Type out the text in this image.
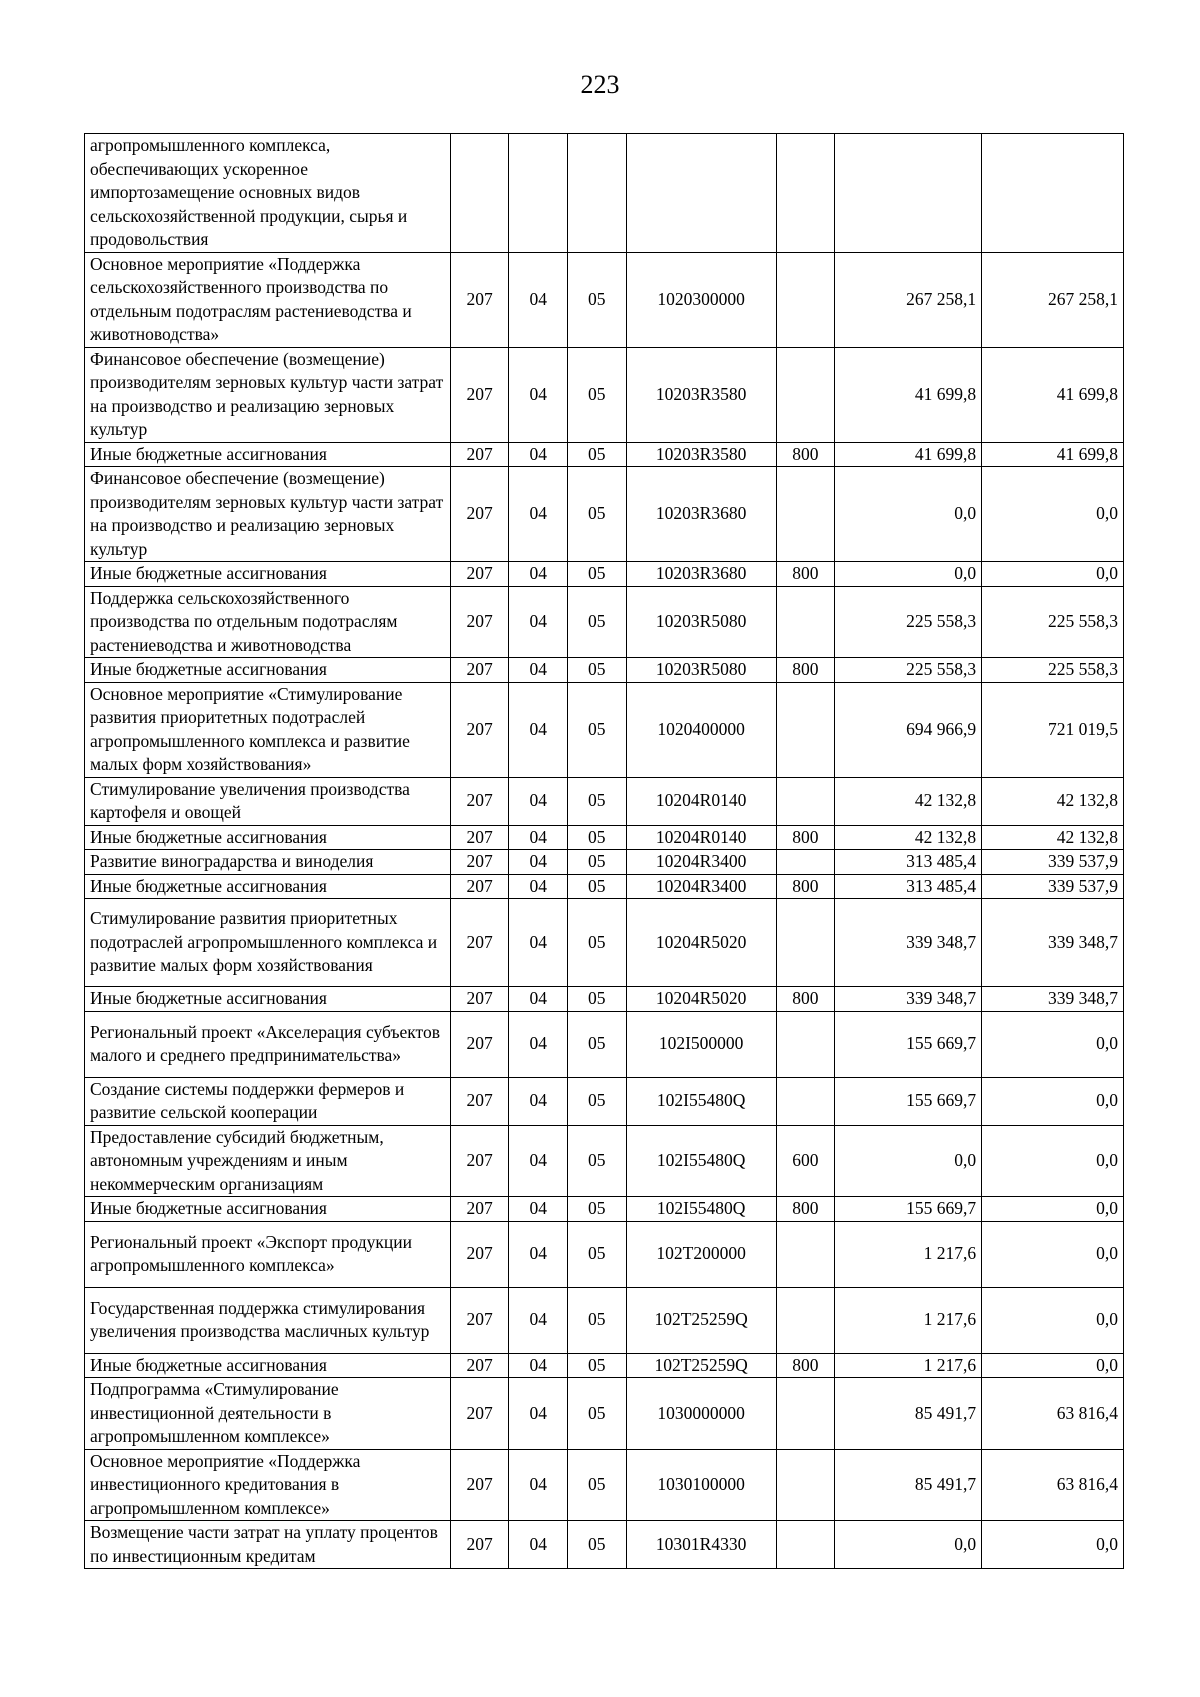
223
агропромышленного комплекса, обеспечивающих ускоренное импортозамещение основных видов сельскохозяйственной продукции, сырья и продовольствия							
Основное мероприятие «Поддержка сельскохозяйственного производства по отдельным подотраслям растениеводства и животноводства»	207	04	05	1020300000		267 258,1	267 258,1
Финансовое обеспечение (возмещение) производителям зерновых культур части затрат на производство и реализацию зерновых культур	207	04	05	10203R3580		41 699,8	41 699,8
Иные бюджетные ассигнования	207	04	05	10203R3580	800	41 699,8	41 699,8
Финансовое обеспечение (возмещение) производителям зерновых культур части затрат на производство и реализацию зерновых культур	207	04	05	10203R3680		0,0	0,0
Иные бюджетные ассигнования	207	04	05	10203R3680	800	0,0	0,0
Поддержка сельскохозяйственного производства по отдельным подотраслям растениеводства и животноводства	207	04	05	10203R5080		225 558,3	225 558,3
Иные бюджетные ассигнования	207	04	05	10203R5080	800	225 558,3	225 558,3
Основное мероприятие «Стимулирование развития приоритетных подотраслей агропромышленного комплекса и развитие малых форм хозяйствования»	207	04	05	1020400000		694 966,9	721 019,5
Стимулирование увеличения производства картофеля и овощей	207	04	05	10204R0140		42 132,8	42 132,8
Иные бюджетные ассигнования	207	04	05	10204R0140	800	42 132,8	42 132,8
Развитие виноградарства и виноделия	207	04	05	10204R3400		313 485,4	339 537,9
Иные бюджетные ассигнования	207	04	05	10204R3400	800	313 485,4	339 537,9
Стимулирование развития приоритетных подотраслей агропромышленного комплекса и развитие малых форм хозяйствования	207	04	05	10204R5020		339 348,7	339 348,7
Иные бюджетные ассигнования	207	04	05	10204R5020	800	339 348,7	339 348,7
Региональный проект «Акселерация субъектов малого и среднего предпринимательства»	207	04	05	102I500000		155 669,7	0,0
Создание системы поддержки фермеров и развитие сельской кооперации	207	04	05	102I55480Q		155 669,7	0,0
Предоставление субсидий бюджетным, автономным учреждениям и иным некоммерческим организациям	207	04	05	102I55480Q	600	0,0	0,0
Иные бюджетные ассигнования	207	04	05	102I55480Q	800	155 669,7	0,0
Региональный проект «Экспорт продукции агропромышленного комплекса»	207	04	05	102T200000		1 217,6	0,0
Государственная поддержка стимулирования увеличения производства масличных культур	207	04	05	102T25259Q		1 217,6	0,0
Иные бюджетные ассигнования	207	04	05	102T25259Q	800	1 217,6	0,0
Подпрограмма «Стимулирование инвестиционной деятельности в агропромышленном комплексе»	207	04	05	1030000000		85 491,7	63 816,4
Основное мероприятие «Поддержка инвестиционного кредитования в агропромышленном комплексе»	207	04	05	1030100000		85 491,7	63 816,4
Возмещение части затрат на уплату процентов по инвестиционным кредитам	207	04	05	10301R4330		0,0	0,0
